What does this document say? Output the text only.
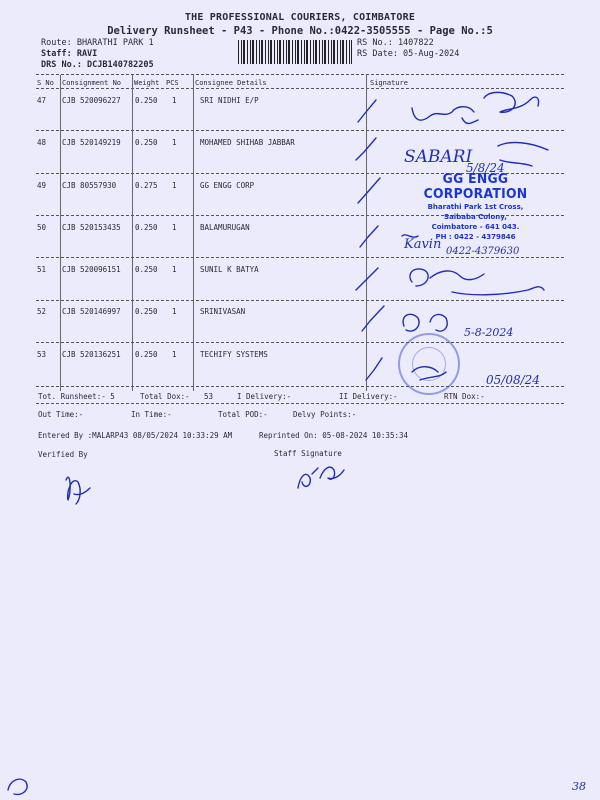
THE PROFESSIONAL COURIERS, COIMBATORE
Delivery Runsheet - P43 - Phone No.:0422-3505555 - Page No.:5
Route: BHARATHI PARK 1
Staff: RAVI
DRS No.: DCJB140782205
RS No.: 1407822
RS Date: 05-Aug-2024
S No Consignment No Weight PCS Consignee Details	Signature
47 CJB 520096227 0.250 1	SRI NIDHI E/P
48 CJB 520149219 0.250 1	MOHAMED SHIHAB JABBAR
49 CJB 80557930	0.275 1	GG ENGG CORP
50 CJB 520153435 0.250 1	BALAMURUGAN
51 CJB 520096151 0.250 1	SUNIL K BATYA
52 CJB 520146997 0.250 1	SRINIVASAN
53 CJB 520136251 0.250 1	TECHIFY SYSTEMS
Tot. Runsheet:- 5	Total Dox:- 53	I Delivery:-	II Delivery:-	RTN Dox:-
Out Time:-	In Time:-	Total POD:-	Delvy Points:-
Entered By :MALARP43 08/05/2024 10:33:29 AM	Reprinted On: 05-08-2024 10:35:34
Verified By	Staff Signature
GG ENGG CORPORATION
Bharathi Park 1st Cross,
Saibaba Colony,
Coimbatore - 641 043.
PH : 0422 - 4379846
SABARI
5/8/24
Kavin 0422-4379630
5-8-2024
05/08/24
38
